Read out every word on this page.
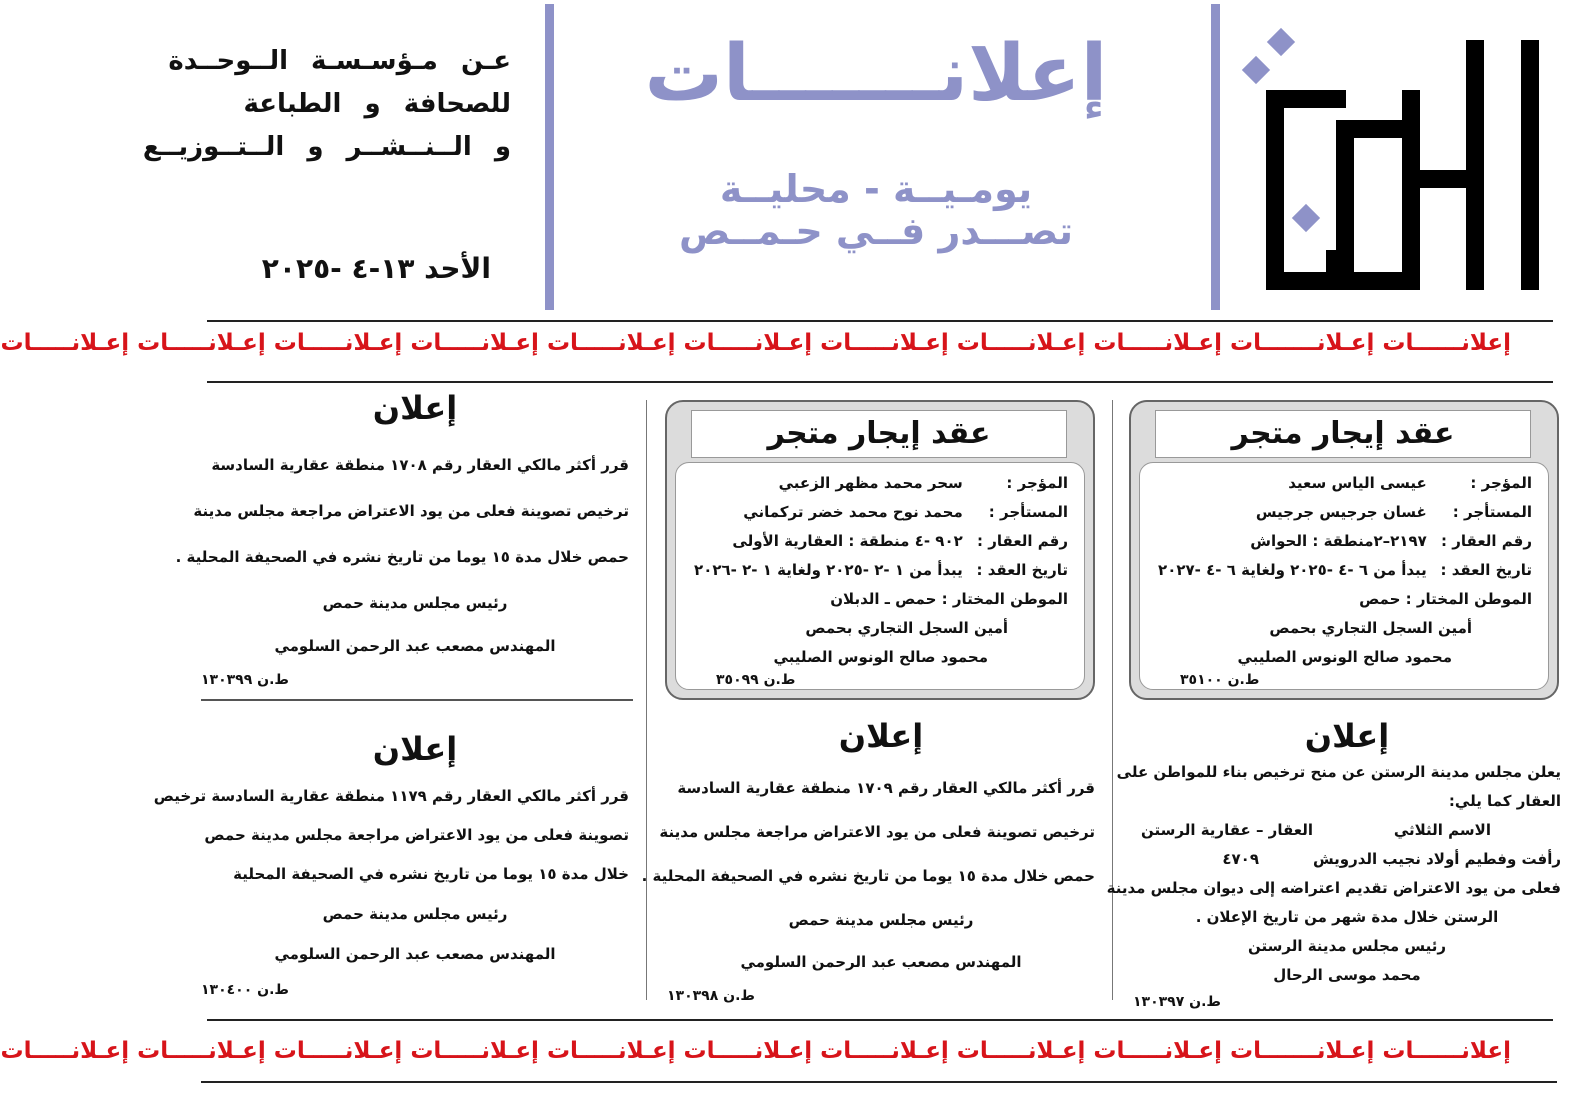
إعلانـــــــات
يومـيــة - محليــة
تصـــدر فــي حـمــص
عـن مـؤسـسـة الــوحــدة
للصحافة و الطباعة
و الــنــشــر و الــتــوزيــع
الأحد ١٣-٤ -٢٠٢٥
إعلانــــــات إعـلانـــــــات إعـلانـــــات إعـلانـــــات إعـلانـــــات إعـلانـــــات إعـلانـــــات إعـلانـــــات إعـلانـــــات إعـلانـــــات إعـلانـــــات
عقد إيجار متجر
المؤجر : عيسى الياس سعيد
المستأجر : غسان جرجيس جرجيس
رقم العقار : ٢١٩٧–٢منطقة : الحواش
تاريخ العقد : يبدأ من ٦ -٤ -٢٠٢٥ ولغاية ٦ -٤ -٢٠٢٧
الموطن المختار : حمص
أمين السجل التجاري بحمص
محمود صالح الونوس الصليبي
ط.ن ٣٥١٠٠
عقد إيجار متجر
المؤجر : سحر محمد مظهر الزعبي
المستأجر : محمد نوح محمد خضر تركماني
رقم العقار : ٩٠٢ -٤ منطقة : العقارية الأولى
تاريخ العقد : يبدأ من ١ -٢ -٢٠٢٥ ولغاية ١ -٢ -٢٠٢٦
الموطن المختار : حمص ـ الدبلان
أمين السجل التجاري بحمص
محمود صالح الونوس الصليبي
ط.ن ٣٥٠٩٩
إعلان
قرر أكثر مالكي العقار رقم ١٧٠٨ منطقة عقارية السادسة
ترخيص تصوينة فعلى من يود الاعتراض مراجعة مجلس مدينة
حمص خلال مدة ١٥ يوما من تاريخ نشره في الصحيفة المحلية .
رئيس مجلس مدينة حمص
المهندس مصعب عبد الرحمن السلومي
ط.ن ١٣٠٣٩٩
إعلان
قرر أكثر مالكي العقار رقم ١١٧٩ منطقة عقارية السادسة ترخيص
تصوينة فعلى من يود الاعتراض مراجعة مجلس مدينة حمص
خلال مدة ١٥ يوما من تاريخ نشره في الصحيفة المحلية
رئيس مجلس مدينة حمص
المهندس مصعب عبد الرحمن السلومي
ط.ن ١٣٠٤٠٠
إعلان
قرر أكثر مالكي العقار رقم ١٧٠٩ منطقة عقارية السادسة
ترخيص تصوينة فعلى من يود الاعتراض مراجعة مجلس مدينة
حمص خلال مدة ١٥ يوما من تاريخ نشره في الصحيفة المحلية .
رئيس مجلس مدينة حمص
المهندس مصعب عبد الرحمن السلومي
ط.ن ١٣٠٣٩٨
إعلان
يعلن مجلس مدينة الرستن عن منح ترخيص بناء للمواطن على
العقار كما يلي:
الاسم الثلاثي
العقار – عقارية الرستن
رأفت وفطيم أولاد نجيب الدرويش
٤٧٠٩
فعلى من يود الاعتراض تقديم اعتراضه إلى ديوان مجلس مدينة
الرستن خلال مدة شهر من تاريخ الإعلان .
رئيس مجلس مدينة الرستن
محمد موسى الرحال
ط.ن ١٣٠٣٩٧
إعلانــــــات إعـلانـــــــات إعـلانـــــات إعـلانـــــات إعـلانـــــات إعـلانـــــات إعـلانـــــات إعـلانـــــات إعـلانـــــات إعـلانـــــات إعـلانـــــات
